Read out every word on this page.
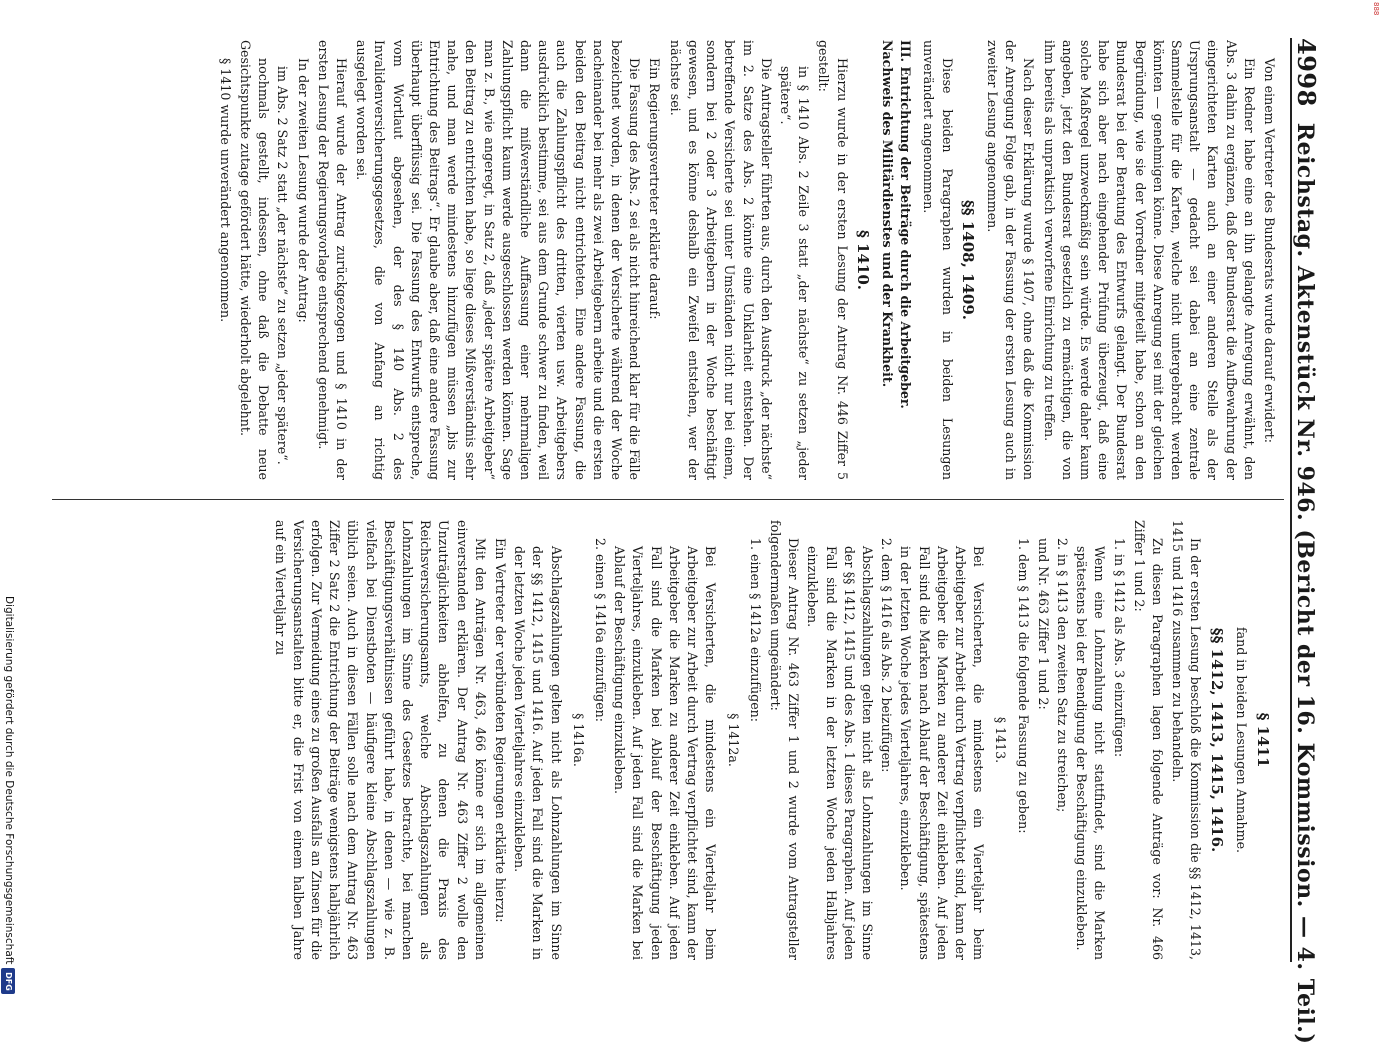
4998
Reichstag. Aktenstück Nr. 946. (Bericht der 16. Kommission. — 4. Teil.)

Von einem Vertreter des Bundesrats wurde darauf erwidert:

Ein Redner habe eine an ihn gelangte Anregung erwähnt, den Abs. 3 dahin zu ergänzen, daß der Bundesrat die Aufbewahrung der eingerichteten Karten auch an einer anderen Stelle als der Ursprungsanstalt — gedacht sei dabei an eine zentrale Sammelstelle für die Karten, welche nicht untergebracht werden könnten — genehmigen könne. Diese Anregung sei mit der gleichen Begründung, wie sie der Vorredner mitgeteilt habe, schon an den Bundesrat bei der Beratung des Entwurfs gelangt. Der Bundesrat habe sich aber nach eingehender Prüfung überzeugt, daß eine solche Maßregel unzweckmäßig sein würde. Es werde daher kaum angeben, jetzt den Bundesrat gesetzlich zu ermächtigen, die von ihm bereits als unpraktisch verworfene Einrichtung zu treffen.

Nach dieser Erklärung wurde § 1407, ohne daß die Kommission der Anregung Folge gab, in der Fassung der ersten Lesung auch in zweiter Lesung angenommen.

§§ 1408, 1409.

Diese beiden Paragraphen wurden in beiden Lesungen unverändert angenommen.

III. Entrichtung der Beiträge durch die Arbeitgeber. Nachweis des Militärdienstes und der Krankheit.

§ 1410.

Hierzu wurde in der ersten Lesung der Antrag Nr. 446 Ziffer 5 gestellt:

in § 1410 Abs. 2 Zeile 3 statt „der nächste“ zu setzen „jeder spätere“.

Die Antragsteller führten aus, durch den Ausdruck „der nächste“ im 2. Satze des Abs. 2 könnte eine Unklarheit entstehen. Der betreffende Versicherte sei unter Umständen nicht nur bei einem, sondern bei 2 oder 3 Arbeitgebern in der Woche beschäftigt gewesen, und es könne deshalb ein Zweifel entstehen, wer der nächste sei.

Ein Regierungsvertreter erklärte darauf:

Die Fassung des Abs. 2 sei als nicht hinreichend klar für die Fälle bezeichnet worden, in denen der Versicherte während der Woche nacheinander bei mehr als zwei Arbeitgebern arbeite und die ersten beiden den Beitrag nicht entrichteten. Eine andere Fassung, die auch die Zahlungspflicht des dritten, vierten usw. Arbeitgebers ausdrücklich bestimme, sei aus dem Grunde schwer zu finden, weil dann die mißverständliche Auffassung einer mehrmaligen Zahlungspflicht kaum werde ausgeschlossen werden können. Sage man z. B., wie angeregt, in Satz 2, daß „jeder spätere Arbeitgeber“ den Beitrag zu entrichten habe, so liege dieses Mißverständnis sehr nahe, und man werde mindestens hinzufügen müssen „bis zur Entrichtung des Beitrags“. Er glaube aber, daß eine andere Fassung überhaupt überflüssig sei. Die Fassung des Entwurfs entspreche, vom Wortlaut abgesehen, der des § 140 Abs. 2 des Invalidenversicherungsgesetzes, die von Anfang an richtig ausgelegt worden sei.

Hierauf wurde der Antrag zurückgezogen und § 1410 in der ersten Lesung der Regierungsvorlage entsprechend genehmigt.

In der zweiten Lesung wurde der Antrag:

im Abs. 2 Satz 2 statt „der nächste“ zu setzen „jeder spätere“.

nochmals gestellt, indessen, ohne daß die Debatte neue Gesichtspunkte zutage gefördert hätte, wiederholt abgelehnt.

§ 1410 wurde unverändert angenommen.

§ 1411

fand in beiden Lesungen Annahme.

§§ 1412, 1413, 1415, 1416.

In der ersten Lesung beschloß die Kommission die §§ 1412, 1413, 1415 und 1416 zusammen zu behandeln.

Zu diesen Paragraphen lagen folgende Anträge vor: Nr. 466 Ziffer 1 und 2:

1. in § 1412 als Abs. 3 einzufügen:

Wenn eine Lohnzahlung nicht stattfindet, sind die Marken spätestens bei der Beendigung der Beschäftigung einzukleben.

2. in § 1413 den zweiten Satz zu streichen;

und Nr. 463 Ziffer 1 und 2:

1. dem § 1413 die folgende Fassung zu geben:

§ 1413.

Bei Versicherten, die mindestens ein Vierteljahr beim Arbeitgeber zur Arbeit durch Vertrag verpflichtet sind, kann der Arbeitgeber die Marken zu anderer Zeit einkleben. Auf jeden Fall sind die Marken nach Ablauf der Beschäftigung, spätestens in der letzten Woche jedes Vierteljahres, einzukleben.

2. dem § 1416 als Abs. 2 beizufügen:

Abschlagszahlungen gelten nicht als Lohnzahlungen im Sinne der §§ 1412, 1415 und des Abs. 1 dieses Paragraphen. Auf jeden Fall sind die Marken in der letzten Woche jeden Halbjahres einzukleben.

Dieser Antrag Nr. 463 Ziffer 1 und 2 wurde vom Antragsteller folgendermaßen umgeändert:

1. einen § 1412a einzufügen:

§ 1412a.

Bei Versicherten, die mindestens ein Vierteljahr beim Arbeitgeber zur Arbeit durch Vertrag verpflichtet sind, kann der Arbeitgeber die Marken zu anderer Zeit einkleben. Auf jeden Fall sind die Marken bei Ablauf der Beschäftigung jeden Vierteljahres, einzukleben. Auf jeden Fall sind die Marken bei Ablauf der Beschäftigung einzukleben.

2. einen § 1416a einzufügen:

§ 1416a.

Abschlagszahlungen gelten nicht als Lohnzahlungen im Sinne der §§ 1412, 1415 und 1416. Auf jeden Fall sind die Marken in der letzten Woche jeden Vierteljahres einzukleben.

Ein Vertreter der verbündeten Regierungen erklärte hierzu:

Mit den Anträgen Nr. 463, 466 könne er sich im allgemeinen einverstanden erklären. Der Antrag Nr. 463 Ziffer 2 wolle den Unzuträglichkeiten abhelfen, zu denen die Praxis des Reichsversicherungsamts, welche Abschlagszahlungen als Lohnzahlungen im Sinne des Gesetzes betrachte, bei manchen Beschäftigungsverhältnissen geführt habe, in denen — wie z. B. vielfach bei Dienstboten — häufigere kleine Abschlagszahlungen üblich seien. Auch in diesen Fällen solle nach dem Antrag Nr. 463 Ziffer 2 Satz 2 die Entrichtung der Beiträge wenigstens halbjährlich erfolgen. Zur Vermeidung eines zu großen Ausfalls an Zinsen für die Versicherungsanstalten bitte er, die Frist von einem halben Jahre auf ein Vierteljahr zu

Digitalisierung gefördert durch die Deutsche Forschungsgemeinschaft
DFG
888
